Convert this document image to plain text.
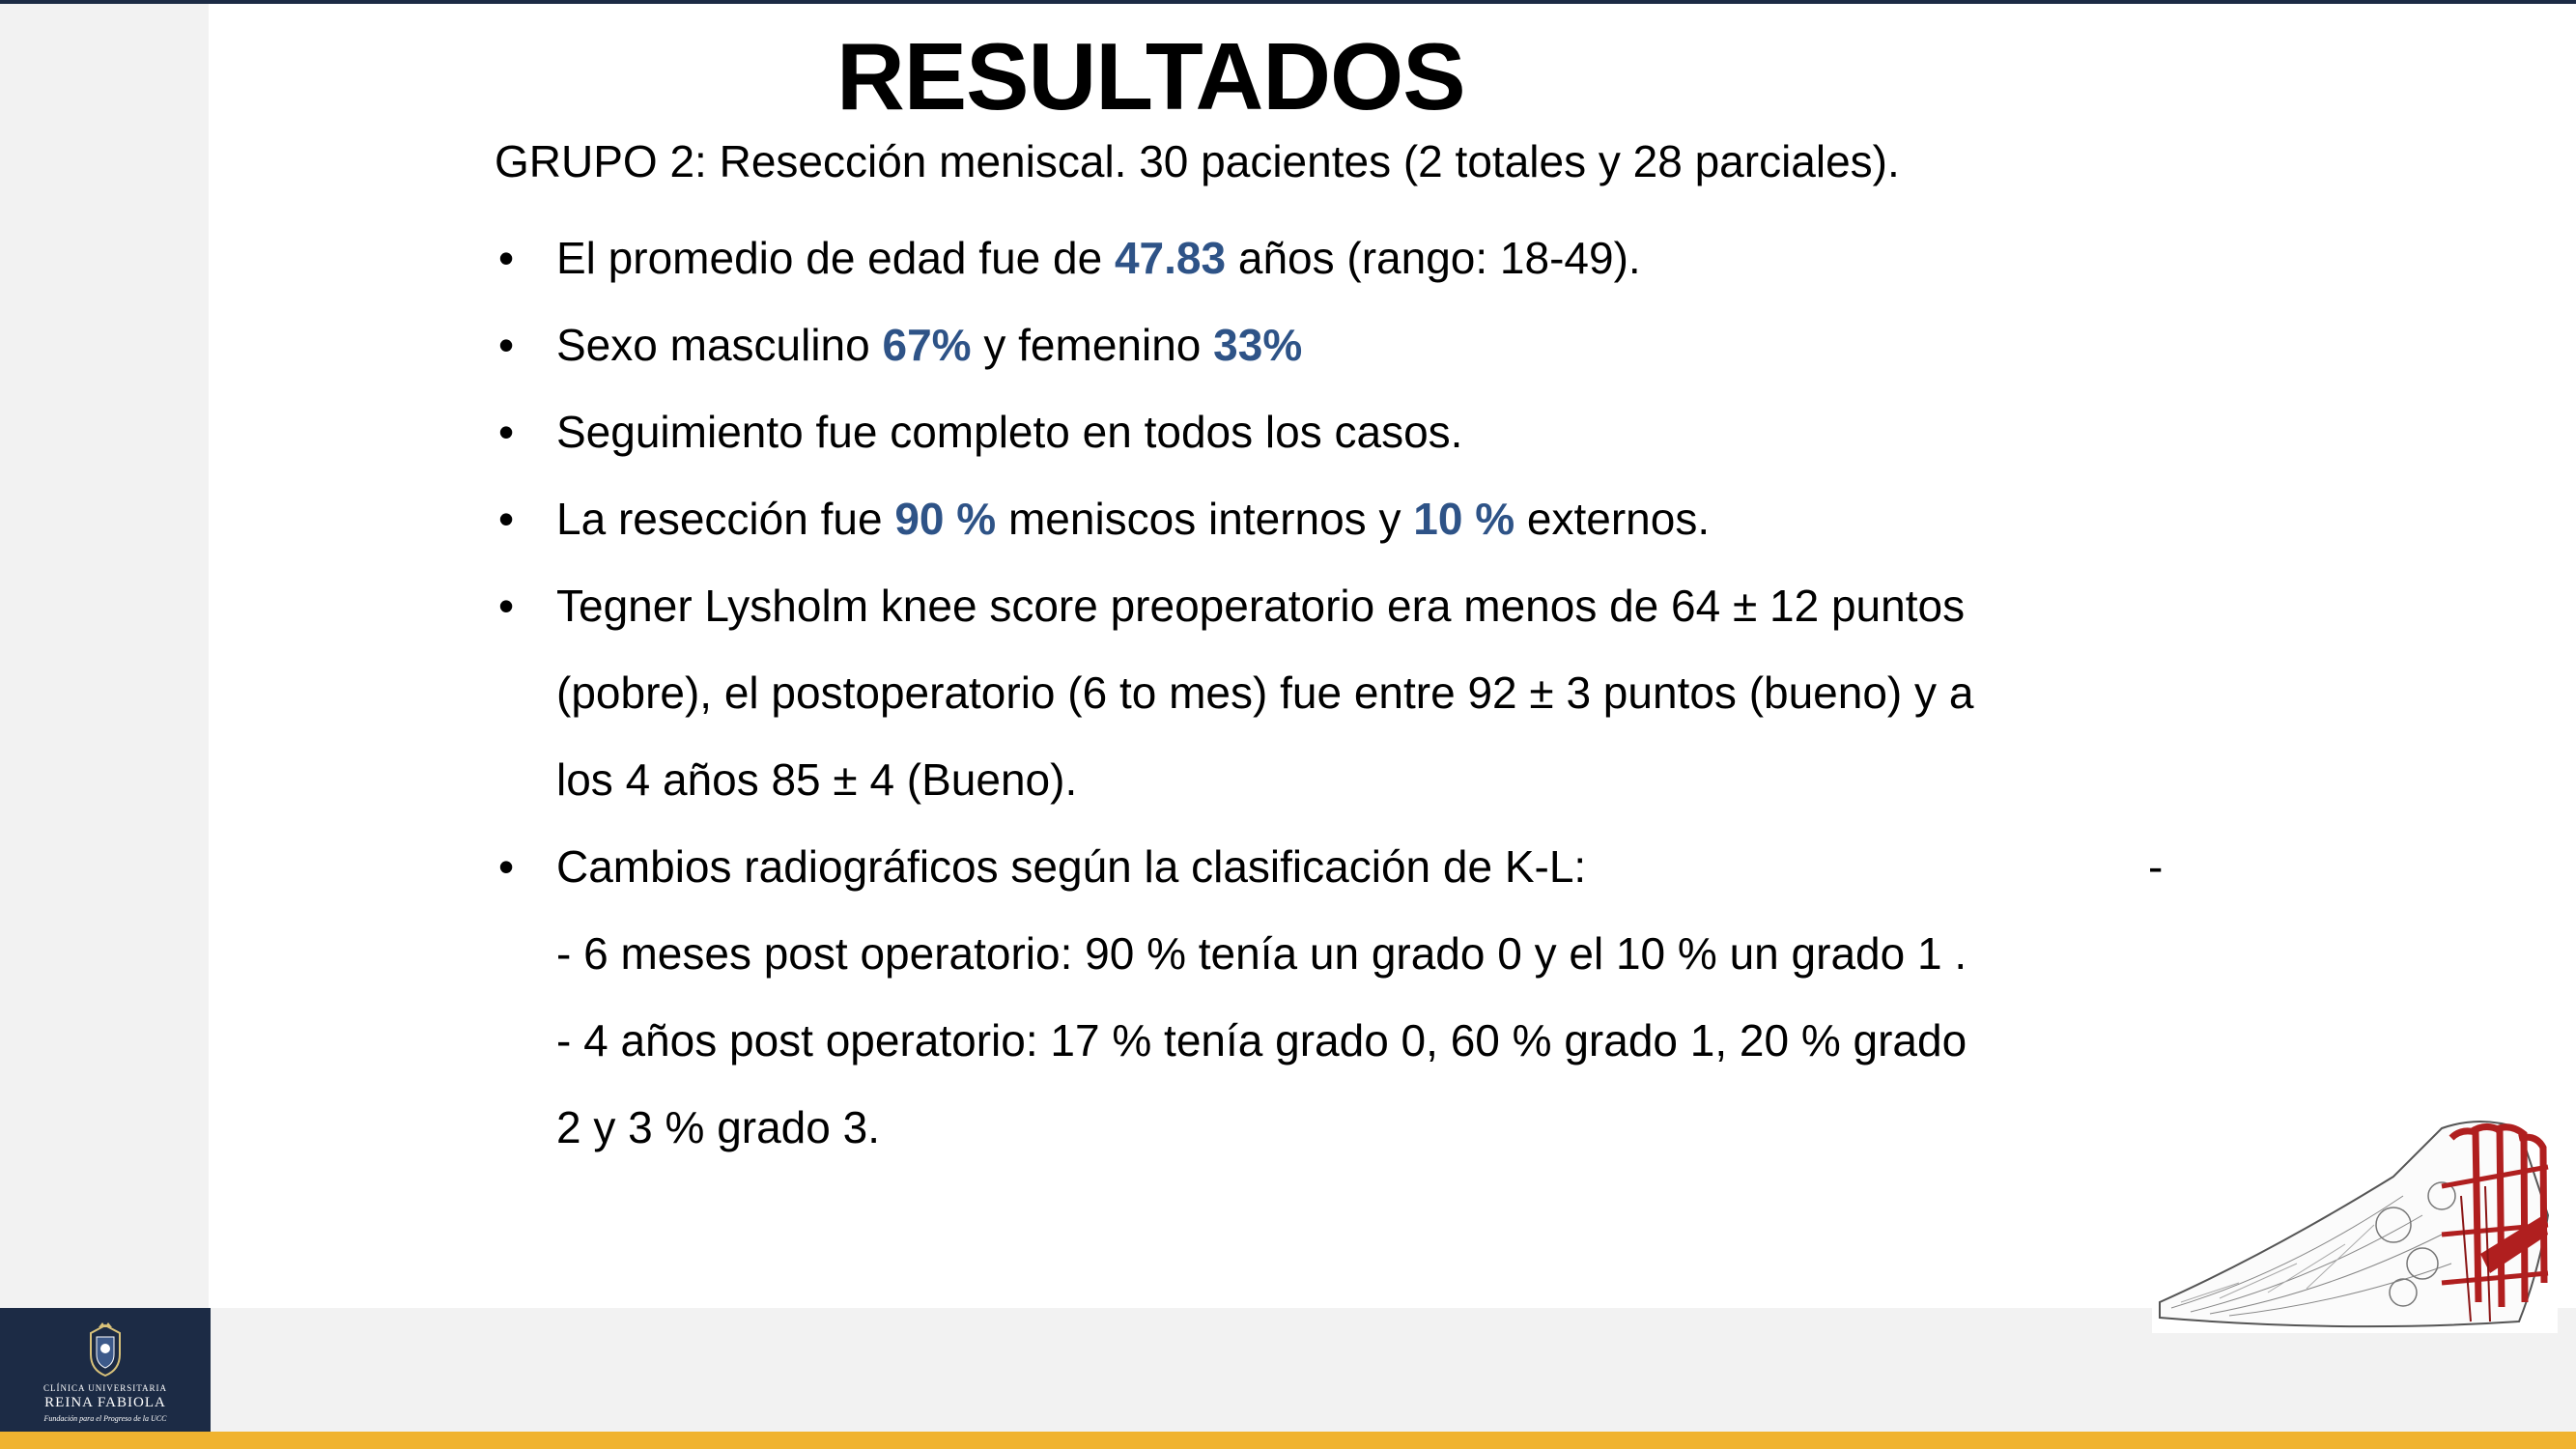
CLÍNICA UNIVERSITARIA
REINA FABIOLA
Fundación para el Progreso de la UCC
RESULTADOS
GRUPO 2: Resección meniscal. 30 pacientes (2 totales y 28 parciales).
• El promedio de edad fue de 47.83 años (rango: 18-49).
• Sexo masculino 67% y femenino 33%
• Seguimiento fue completo en todos los casos.
• La resección fue 90 % meniscos internos y 10 % externos.
• Tegner Lysholm knee score preoperatorio era menos de 64 ± 12 puntos
(pobre), el postoperatorio (6 to mes) fue entre 92 ± 3 puntos (bueno) y a
los 4 años 85 ± 4 (Bueno).
• Cambios radiográficos según la clasificación de K-L:	-
- 6 meses post operatorio: 90 % tenía un grado 0 y el 10 % un grado 1 .
- 4 años post operatorio: 17 % tenía grado 0, 60 % grado 1, 20 % grado
2 y 3 % grado 3.
